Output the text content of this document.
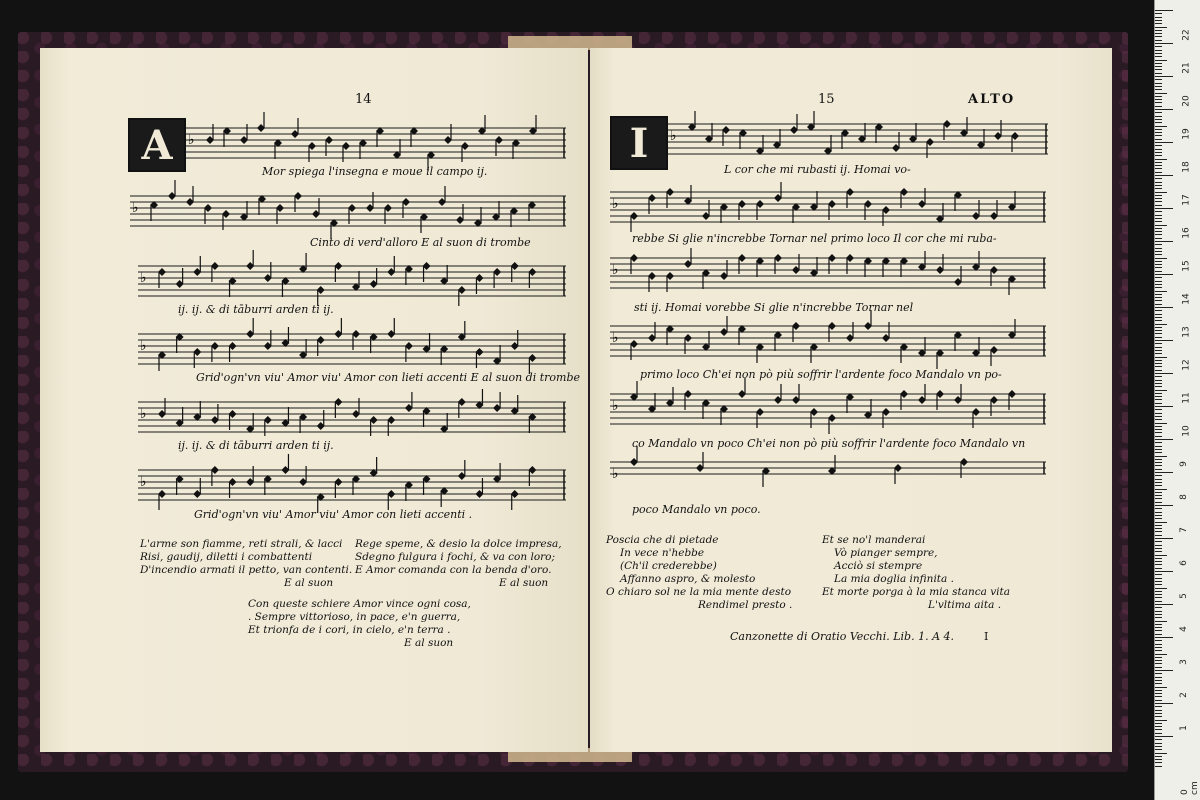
14
A	♭
Mor spiega l'insegna e moue il campo ij.
♭
Cinto di verd'alloro E al suon di trombe
♭
ij. ij. & di tāburri arden ti ij.
♭
Grid'ogn'vn viu' Amor viu' Amor con lieti accenti E al suon di trombe
♭
ij. ij. & di tāburri arden ti ij.
♭
Grid'ogn'vn viu' Amor viu' Amor con lieti accenti .
L'arme son fiamme, reti strali, & lacci
Risi, gaudij, diletti i combattenti
D'incendio armati il petto, van contenti.
E al suon
Rege speme, & desio la dolce impresa,
Sdegno fulgura i fochi, & va con loro;
E Amor comanda con la benda d'oro.
E al suon
Con queste schiere Amor vince ogni cosa,
. Sempre vittorioso, in pace, e'n guerra,
Et trionfa de i cori, in cielo, e'n terra .
E al suon
15	ALTO
I	♭
L cor che mi rubasti ij. Homai vo-
♭
rebbe Si glie n'increbbe Tornar nel primo loco Il cor che mi ruba-
♭
sti ij. Homai vorebbe Si glie n'increbbe Tornar nel
♭
primo loco Ch'ei non pò più soffrir l'ardente foco Mandalo vn po-
♭
co Mandalo vn poco Ch'ei non pò più soffrir l'ardente foco Mandalo vn
♭
poco Mandalo vn poco.
Poscia che di pietade
In vece n'hebbe
(Ch'il crederebbe)
Affanno aspro, & molesto
O chiaro sol ne la mia mente desto
Rendimel presto .
Et se no'l manderai
Vò pianger sempre,
Acciò si stempre
La mia doglia infinita .
Et morte porga à la mia stanca vita
L'vltima aita .
Canzonette di Oratio Vecchi. Lib. 1. A 4.	I
0 cm
22
21
20
19
18
17
16
15
14
13
12
11
10
9
8
7
6
5
4
3
2
1
